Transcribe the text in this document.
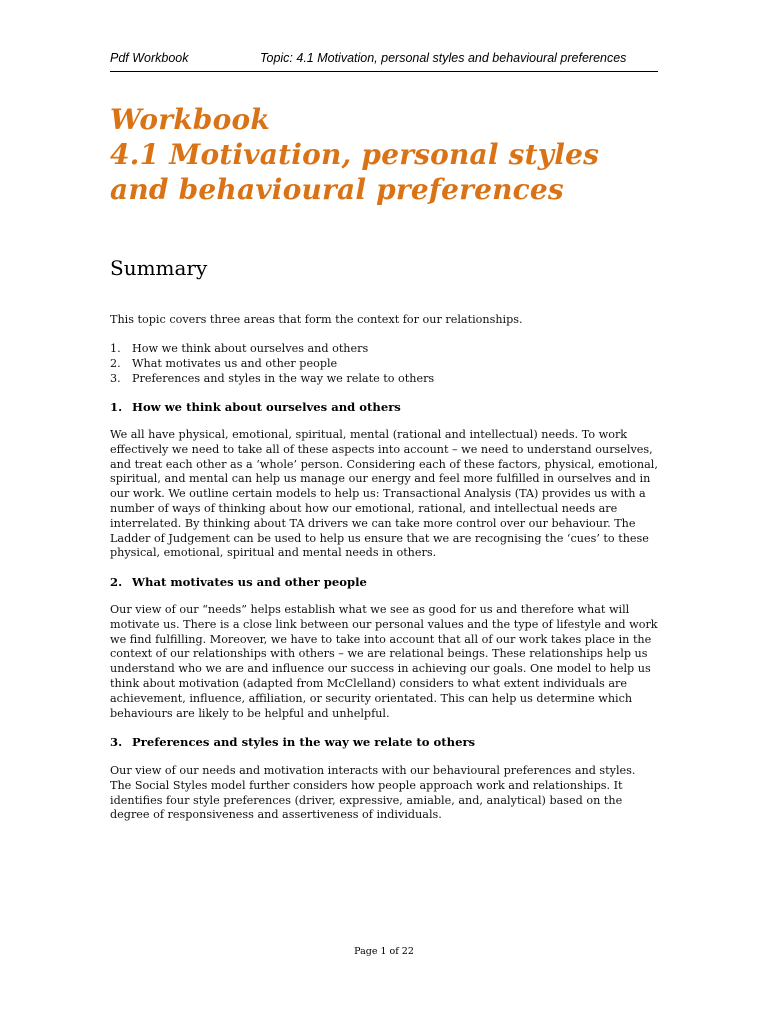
Pdf Workbook	Topic: 4.1 Motivation, personal styles and behavioural preferences
Workbook
4.1 Motivation, personal styles
and behavioural preferences
Summary

This topic covers three areas that form the context for our relationships.

1. How we think about ourselves and others
2. What motivates us and other people
3. Preferences and styles in the way we relate to others
1. How we think about ourselves and others

We all have physical, emotional, spiritual, mental (rational and intellectual) needs. To work effectively we need to take all of these aspects into account – we need to understand ourselves, and treat each other as a ‘whole’ person. Considering each of these factors, physical, emotional, spiritual, and mental can help us manage our energy and feel more fulfilled in ourselves and in our work. We outline certain models to help us: Transactional Analysis (TA) provides us with a number of ways of thinking about how our emotional, rational, and intellectual needs are interrelated. By thinking about TA drivers we can take more control over our behaviour. The Ladder of Judgement can be used to help us ensure that we are recognising the ‘cues’ to these physical, emotional, spiritual and mental needs in others.

2. What motivates us and other people

Our view of our “needs” helps establish what we see as good for us and therefore what will motivate us. There is a close link between our personal values and the type of lifestyle and work we find fulfilling. Moreover, we have to take into account that all of our work takes place in the context of our relationships with others – we are relational beings. These relationships help us understand who we are and influence our success in achieving our goals. One model to help us think about motivation (adapted from McClelland) considers to what extent individuals are achievement, influence, affiliation, or security orientated. This can help us determine which behaviours are likely to be helpful and unhelpful.

3. Preferences and styles in the way we relate to others

Our view of our needs and motivation interacts with our behavioural preferences and styles. The Social Styles model further considers how people approach work and relationships. It identifies four style preferences (driver, expressive, amiable, and, analytical) based on the degree of responsiveness and assertiveness of individuals.

Page 1 of 22
